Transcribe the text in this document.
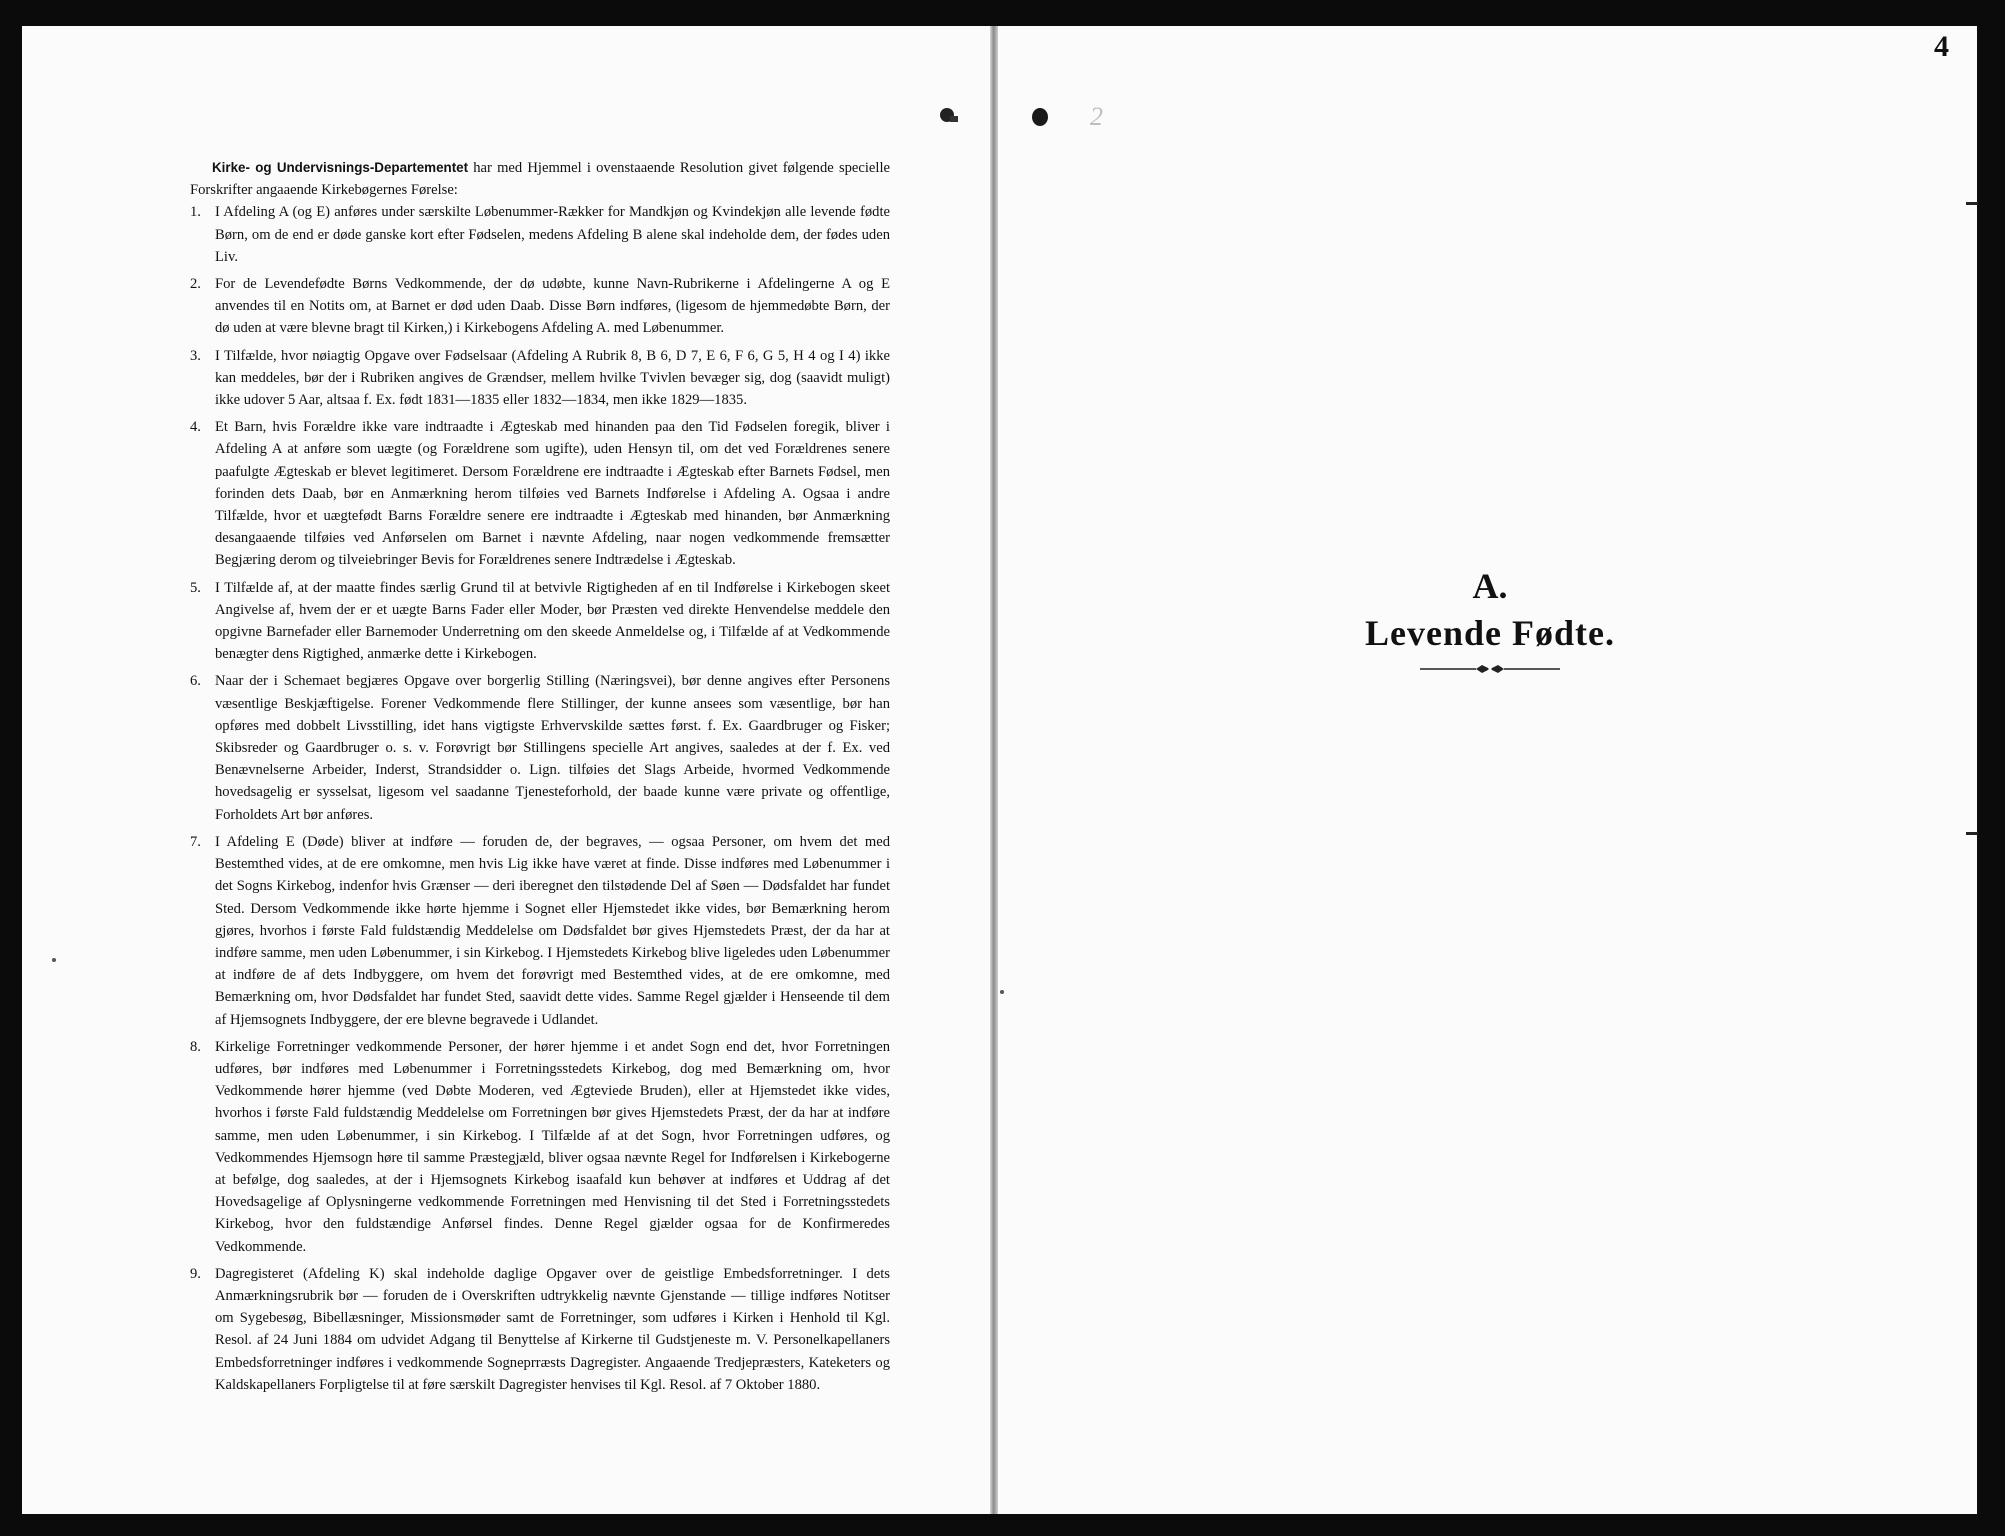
4

Kirke- og Undervisnings-Departementet har med Hjemmel i ovenstaaende Resolution givet følgende specielle Forskrifter angaaende Kirkebøgernes Førelse:

1. I Afdeling A (og E) anføres under særskilte Løbenummer-Rækker for Mandkjøn og Kvindekjøn alle levende fødte Børn, om de end er døde ganske kort efter Fødselen, medens Afdeling B alene skal indeholde dem, der fødes uden Liv.
2. For de Levendefødte Børns Vedkommende, der dø udøbte, kunne Navn-Rubrikerne i Afdelingerne A og E anvendes til en Notits om, at Barnet er død uden Daab. Disse Børn indføres, (ligesom de hjemmedøbte Børn, der dø uden at være blevne bragt til Kirken,) i Kirkebogens Afdeling A. med Løbenummer.
3. I Tilfælde, hvor nøiagtig Opgave over Fødselsaar (Afdeling A Rubrik 8, B 6, D 7, E 6, F 6, G 5, H 4 og I 4) ikke kan meddeles, bør der i Rubriken angives de Grændser, mellem hvilke Tvivlen bevæger sig, dog (saavidt muligt) ikke udover 5 Aar, altsaa f. Ex. født 1831—1835 eller 1832—1834, men ikke 1829—1835.
4. Et Barn, hvis Forældre ikke vare indtraadte i Ægteskab med hinanden paa den Tid Fødselen foregik, bliver i Afdeling A at anføre som uægte (og Forældrene som ugifte), uden Hensyn til, om det ved Forældrenes senere paafulgte Ægteskab er blevet legitimeret. Dersom Forældrene ere indtraadte i Ægteskab efter Barnets Fødsel, men forinden dets Daab, bør en Anmærkning herom tilføies ved Barnets Indførelse i Afdeling A. Ogsaa i andre Tilfælde, hvor et uægtefødt Barns Forældre senere ere indtraadte i Ægteskab med hinanden, bør Anmærkning desangaaende tilføies ved Anførselen om Barnet i nævnte Afdeling, naar nogen vedkommende fremsætter Begjæring derom og tilveiebringer Bevis for Forældrenes senere Indtrædelse i Ægteskab.
5. I Tilfælde af, at der maatte findes særlig Grund til at betvivle Rigtigheden af en til Indførelse i Kirkebogen skeet Angivelse af, hvem der er et uægte Barns Fader eller Moder, bør Præsten ved direkte Henvendelse meddele den opgivne Barnefader eller Barnemoder Underretning om den skeede Anmeldelse og, i Tilfælde af at Vedkommende benægter dens Rigtighed, anmærke dette i Kirkebogen.
6. Naar der i Schemaet begjæres Opgave over borgerlig Stilling (Næringsvei), bør denne angives efter Personens væsentlige Beskjæftigelse. Forener Vedkommende flere Stillinger, der kunne ansees som væsentlige, bør han opføres med dobbelt Livsstilling, idet hans vigtigste Erhvervskilde sættes først. f. Ex. Gaardbruger og Fisker; Skibsreder og Gaardbruger o. s. v. Forøvrigt bør Stillingens specielle Art angives, saaledes at der f. Ex. ved Benævnelserne Arbeider, Inderst, Strandsidder o. Lign. tilføies det Slags Arbeide, hvormed Vedkommende hovedsagelig er sysselsat, ligesom vel saadanne Tjenesteforhold, der baade kunne være private og offentlige, Forholdets Art bør anføres.
7. I Afdeling E (Døde) bliver at indføre — foruden de, der begraves, — ogsaa Personer, om hvem det med Bestemthed vides, at de ere omkomne, men hvis Lig ikke have været at finde. Disse indføres med Løbenummer i det Sogns Kirkebog, indenfor hvis Grænser — deri iberegnet den tilstødende Del af Søen — Dødsfaldet har fundet Sted. Dersom Vedkommende ikke hørte hjemme i Sognet eller Hjemstedet ikke vides, bør Bemærkning herom gjøres, hvorhos i første Fald fuldstændig Meddelelse om Dødsfaldet bør gives Hjemstedets Præst, der da har at indføre samme, men uden Løbenummer, i sin Kirkebog. I Hjemstedets Kirkebog blive ligeledes uden Løbenummer at indføre de af dets Indbyggere, om hvem det forøvrigt med Bestemthed vides, at de ere omkomne, med Bemærkning om, hvor Dødsfaldet har fundet Sted, saavidt dette vides. Samme Regel gjælder i Henseende til dem af Hjemsognets Indbyggere, der ere blevne begravede i Udlandet.
8. Kirkelige Forretninger vedkommende Personer, der hører hjemme i et andet Sogn end det, hvor Forretningen udføres, bør indføres med Løbenummer i Forretningsstedets Kirkebog, dog med Bemærkning om, hvor Vedkommende hører hjemme (ved Døbte Moderen, ved Ægteviede Bruden), eller at Hjemstedet ikke vides, hvorhos i første Fald fuldstændig Meddelelse om Forretningen bør gives Hjemstedets Præst, der da har at indføre samme, men uden Løbenummer, i sin Kirkebog. I Tilfælde af at det Sogn, hvor Forretningen udføres, og Vedkommendes Hjemsogn høre til samme Præstegjæld, bliver ogsaa nævnte Regel for Indførelsen i Kirkebogerne at befølge, dog saaledes, at der i Hjemsognets Kirkebog isaafald kun behøver at indføres et Uddrag af det Hovedsagelige af Oplysningerne vedkommende Forretningen med Henvisning til det Sted i Forretningsstedets Kirkebog, hvor den fuldstændige Anførsel findes. Denne Regel gjælder ogsaa for de Konfirmeredes Vedkommende.
9. Dagregisteret (Afdeling K) skal indeholde daglige Opgaver over de geistlige Embedsforretninger. I dets Anmærkningsrubrik bør — foruden de i Overskriften udtrykkelig nævnte Gjenstande — tillige indføres Notitser om Sygebesøg, Bibellæsninger, Missionsmøder samt de Forretninger, som udføres i Kirken i Henhold til Kgl. Resol. af 24 Juni 1884 om udvidet Adgang til Benyttelse af Kirkerne til Gudstjeneste m. V. Personelkapellaners Embedsforretninger indføres i vedkommende Sogneprræsts Dagregister. Angaaende Tredjepræsters, Kateketers og Kaldskapellaners Forpligtelse til at føre særskilt Dagregister henvises til Kgl. Resol. af 7 Oktober 1880.
2
A.
Levende Fødte.
